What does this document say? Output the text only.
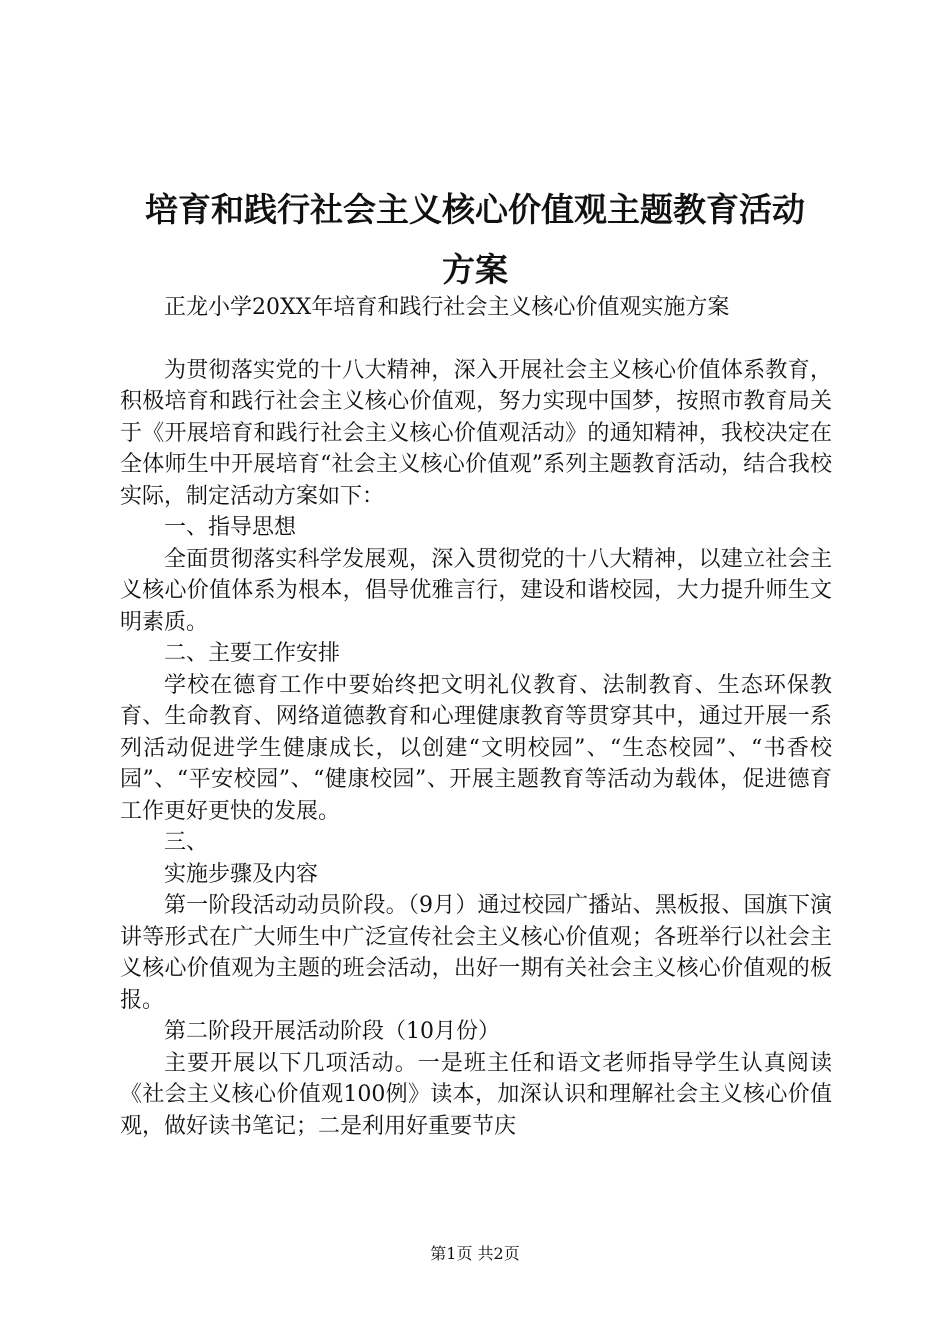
培育和践行社会主义核心价值观主题教育活动
方案

正龙小学20XX年培育和践行社会主义核心价值观实施方案

为贯彻落实党的十八大精神，深入开展社会主义核心价值体系教育，积极培育和践行社会主义核心价值观，努力实现中国梦，按照市教育局关于《开展培育和践行社会主义核心价值观活动》的通知精神，我校决定在全体师生中开展培育“社会主义核心价值观”系列主题教育活动，结合我校实际，制定活动方案如下：

一、指导思想

全面贯彻落实科学发展观，深入贯彻党的十八大精神，以建立社会主义核心价值体系为根本，倡导优雅言行，建设和谐校园，大力提升师生文明素质。

二、主要工作安排

学校在德育工作中要始终把文明礼仪教育、法制教育、生态环保教育、生命教育、网络道德教育和心理健康教育等贯穿其中，通过开展一系列活动促进学生健康成长，以创建“文明校园”、“生态校园”、“书香校园”、“平安校园”、“健康校园”、开展主题教育等活动为载体，促进德育工作更好更快的发展。

三、

实施步骤及内容

第一阶段活动动员阶段。（9月）通过校园广播站、黑板报、国旗下演讲等形式在广大师生中广泛宣传社会主义核心价值观；各班举行以社会主义核心价值观为主题的班会活动，出好一期有关社会主义核心价值观的板报。

第二阶段开展活动阶段（10月份）

主要开展以下几项活动。一是班主任和语文老师指导学生认真阅读《社会主义核心价值观100例》读本，加深认识和理解社会主义核心价值观，做好读书笔记；二是利用好重要节庆

第1页 共2页
